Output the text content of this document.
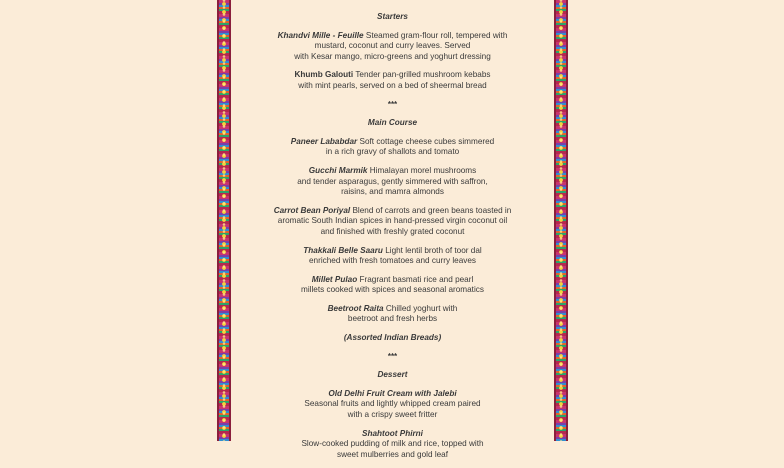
Starters
Khandvi Mille - Feuille Steamed gram-flour roll, tempered with
mustard, coconut and curry leaves. Served
with Kesar mango, micro-greens and yoghurt dressing
Khumb Galouti Tender pan-grilled mushroom kebabs
with mint pearls, served on a bed of sheermal bread
***
Main Course
Paneer Lababdar Soft cottage cheese cubes simmered
in a rich gravy of shallots and tomato
Gucchi Marmik Himalayan morel mushrooms
and tender asparagus, gently simmered with saffron,
raisins, and mamra almonds
Carrot Bean Poriyal Blend of carrots and green beans toasted in
aromatic South Indian spices in hand-pressed virgin coconut oil
and finished with freshly grated coconut
Thakkali Belle Saaru Light lentil broth of toor dal
enriched with fresh tomatoes and curry leaves
Millet Pulao Fragrant basmati rice and pearl
millets cooked with spices and seasonal aromatics
Beetroot Raita Chilled yoghurt with
beetroot and fresh herbs
(Assorted Indian Breads)
***
Dessert
Old Delhi Fruit Cream with Jalebi
Seasonal fruits and lightly whipped cream paired
with a crispy sweet fritter
Shahtoot Phirni
Slow-cooked pudding of milk and rice, topped with
sweet mulberries and gold leaf
